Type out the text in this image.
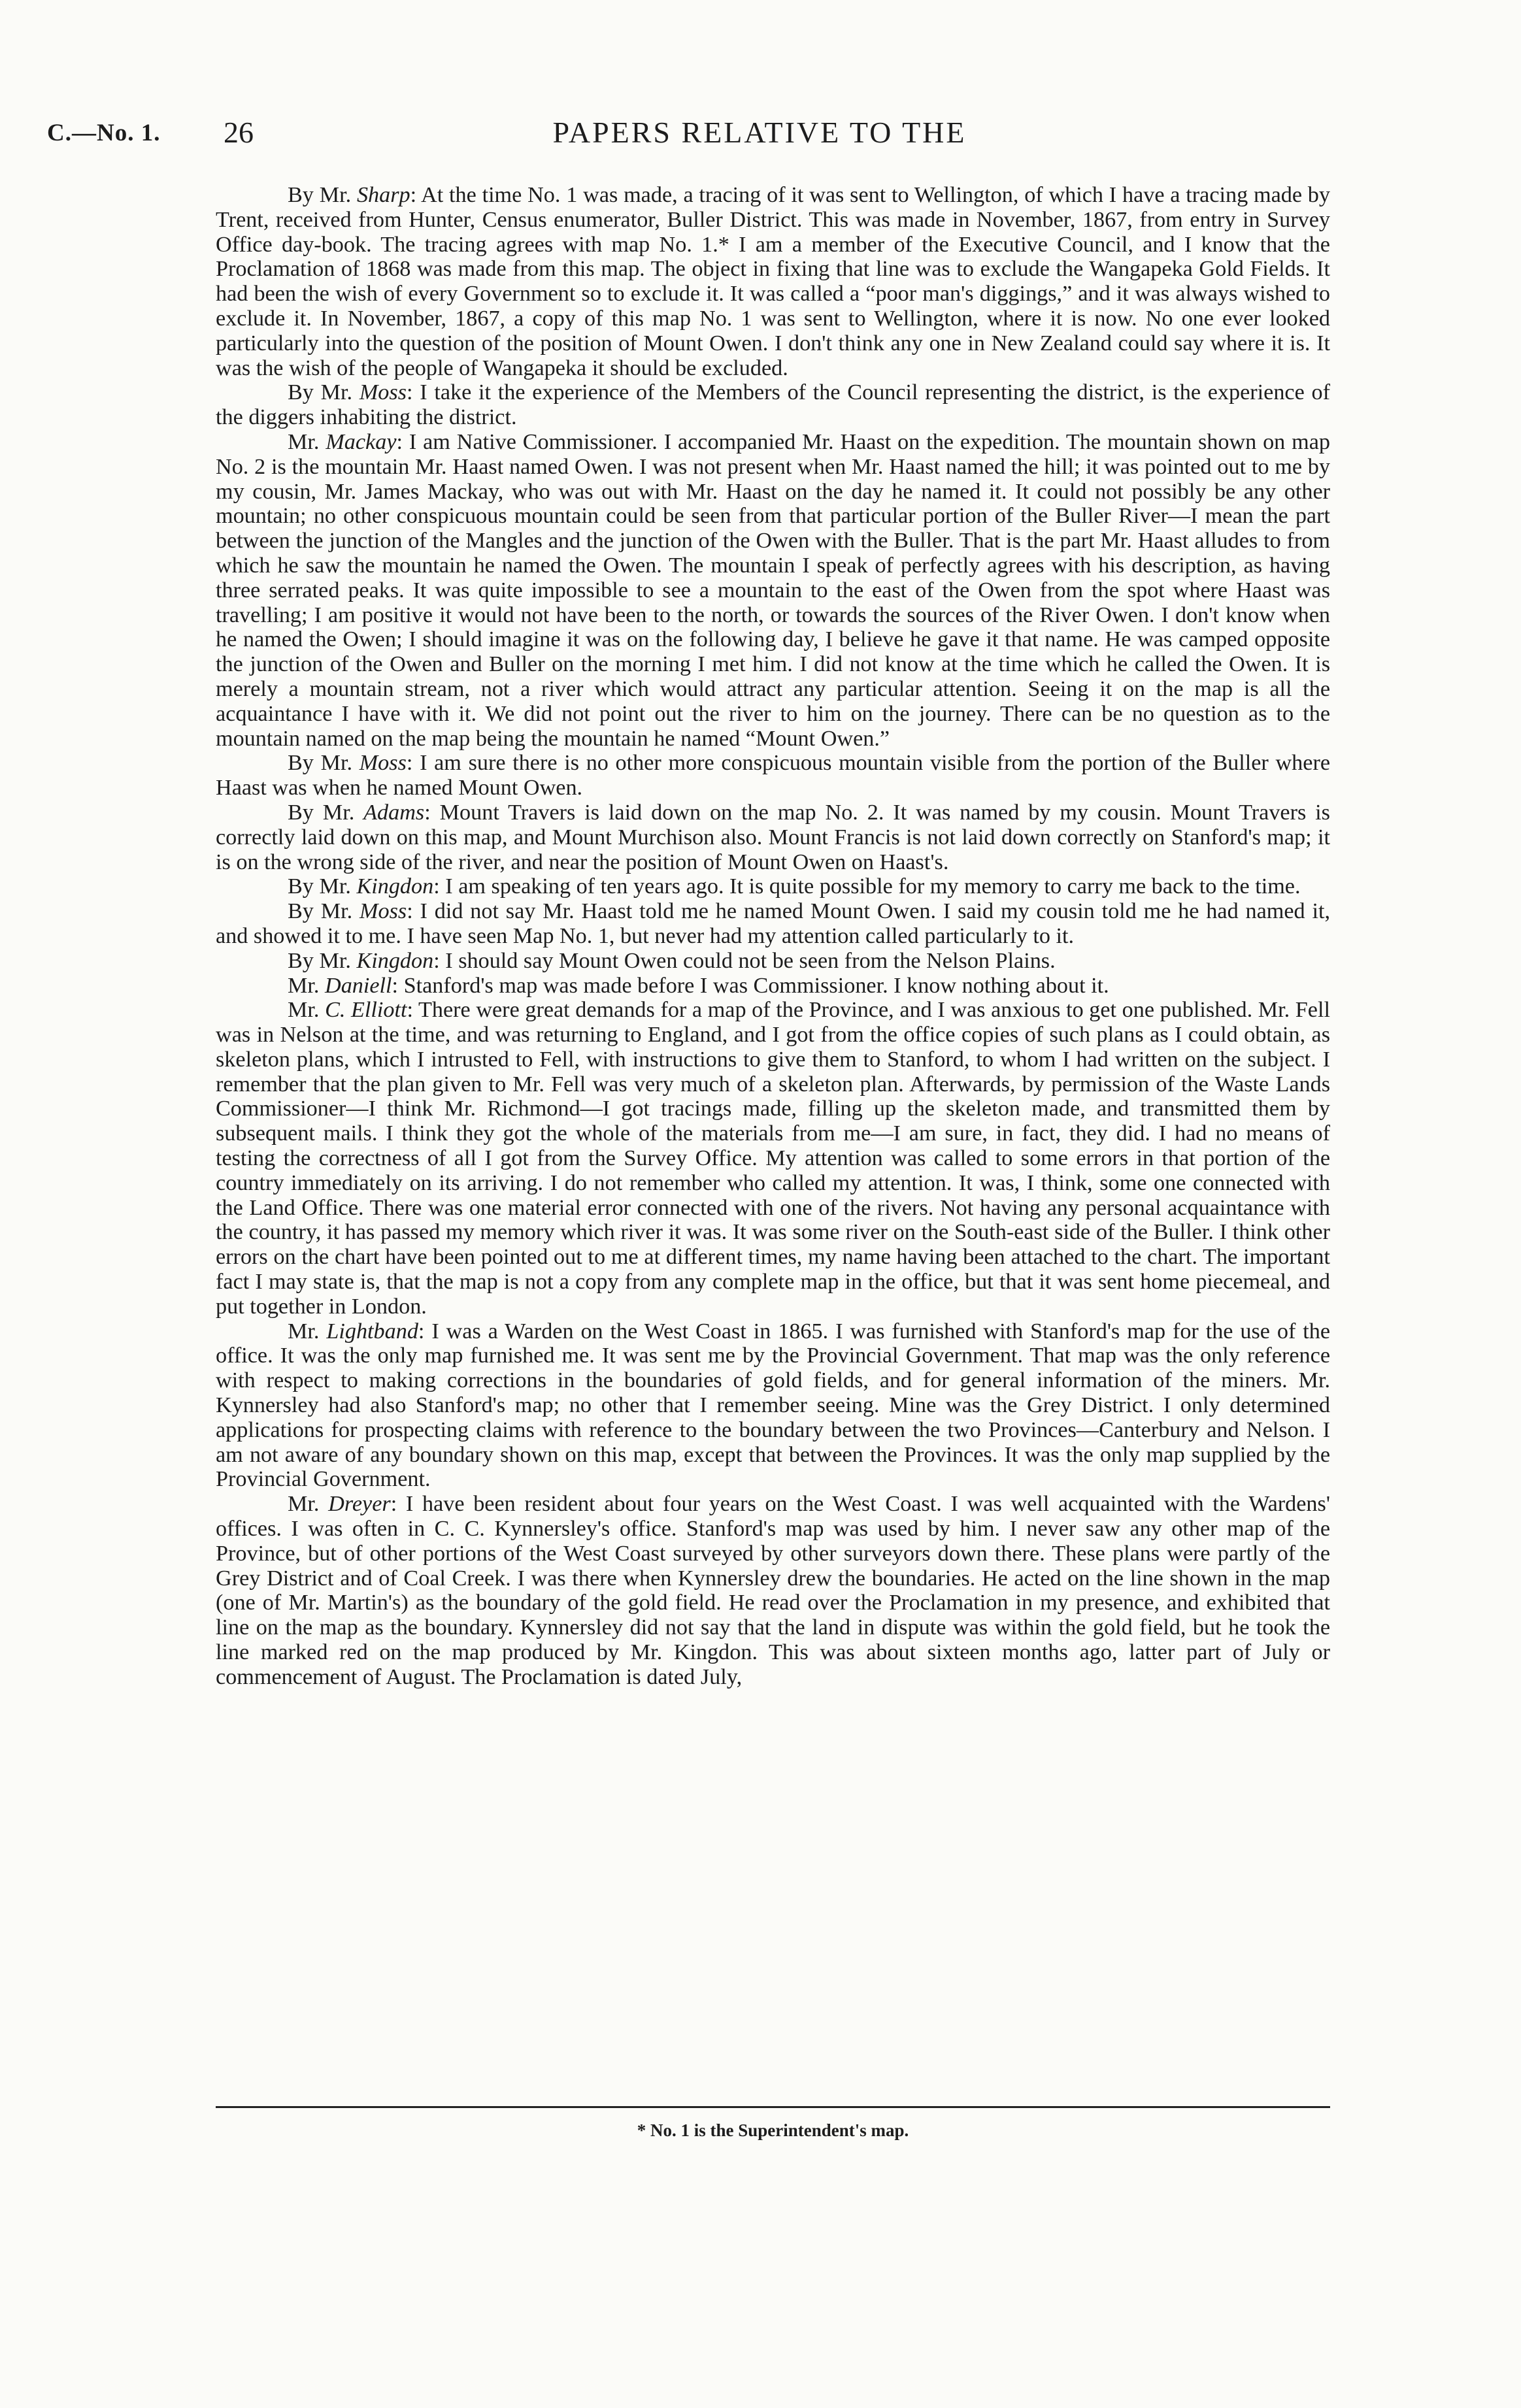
C.—No. 1. 26	PAPERS RELATIVE TO THE

By Mr. Sharp: At the time No. 1 was made, a tracing of it was sent to Wellington, of which I have a tracing made by Trent, received from Hunter, Census enumerator, Buller District. This was made in November, 1867, from entry in Survey Office day-book. The tracing agrees with map No. 1.* I am a member of the Executive Council, and I know that the Proclamation of 1868 was made from this map. The object in fixing that line was to exclude the Wangapeka Gold Fields. It had been the wish of every Government so to exclude it. It was called a “poor man's diggings,” and it was always wished to exclude it. In November, 1867, a copy of this map No. 1 was sent to Wellington, where it is now. No one ever looked particularly into the question of the position of Mount Owen. I don't think any one in New Zealand could say where it is. It was the wish of the people of Wangapeka it should be excluded.

By Mr. Moss: I take it the experience of the Members of the Council representing the district, is the experience of the diggers inhabiting the district.

Mr. Mackay: I am Native Commissioner. I accompanied Mr. Haast on the expedition. The mountain shown on map No. 2 is the mountain Mr. Haast named Owen. I was not present when Mr. Haast named the hill; it was pointed out to me by my cousin, Mr. James Mackay, who was out with Mr. Haast on the day he named it. It could not possibly be any other mountain; no other conspicuous mountain could be seen from that particular portion of the Buller River—I mean the part between the junction of the Mangles and the junction of the Owen with the Buller. That is the part Mr. Haast alludes to from which he saw the mountain he named the Owen. The mountain I speak of perfectly agrees with his description, as having three serrated peaks. It was quite impossible to see a mountain to the east of the Owen from the spot where Haast was travelling; I am positive it would not have been to the north, or towards the sources of the River Owen. I don't know when he named the Owen; I should imagine it was on the following day, I believe he gave it that name. He was camped opposite the junction of the Owen and Buller on the morning I met him. I did not know at the time which he called the Owen. It is merely a mountain stream, not a river which would attract any particular attention. Seeing it on the map is all the acquaintance I have with it. We did not point out the river to him on the journey. There can be no question as to the mountain named on the map being the mountain he named “Mount Owen.”

By Mr. Moss: I am sure there is no other more conspicuous mountain visible from the portion of the Buller where Haast was when he named Mount Owen.

By Mr. Adams: Mount Travers is laid down on the map No. 2. It was named by my cousin. Mount Travers is correctly laid down on this map, and Mount Murchison also. Mount Francis is not laid down correctly on Stanford's map; it is on the wrong side of the river, and near the position of Mount Owen on Haast's.

By Mr. Kingdon: I am speaking of ten years ago. It is quite possible for my memory to carry me back to the time.

By Mr. Moss: I did not say Mr. Haast told me he named Mount Owen. I said my cousin told me he had named it, and showed it to me. I have seen Map No. 1, but never had my attention called particularly to it.

By Mr. Kingdon: I should say Mount Owen could not be seen from the Nelson Plains.

Mr. Daniell: Stanford's map was made before I was Commissioner. I know nothing about it.

Mr. C. Elliott: There were great demands for a map of the Province, and I was anxious to get one published. Mr. Fell was in Nelson at the time, and was returning to England, and I got from the office copies of such plans as I could obtain, as skeleton plans, which I intrusted to Fell, with instructions to give them to Stanford, to whom I had written on the subject. I remember that the plan given to Mr. Fell was very much of a skeleton plan. Afterwards, by permission of the Waste Lands Commissioner—I think Mr. Richmond—I got tracings made, filling up the skeleton made, and transmitted them by subsequent mails. I think they got the whole of the materials from me—I am sure, in fact, they did. I had no means of testing the correctness of all I got from the Survey Office. My attention was called to some errors in that portion of the country immediately on its arriving. I do not remember who called my attention. It was, I think, some one connected with the Land Office. There was one material error connected with one of the rivers. Not having any personal acquaintance with the country, it has passed my memory which river it was. It was some river on the South-east side of the Buller. I think other errors on the chart have been pointed out to me at different times, my name having been attached to the chart. The important fact I may state is, that the map is not a copy from any complete map in the office, but that it was sent home piecemeal, and put together in London.

Mr. Lightband: I was a Warden on the West Coast in 1865. I was furnished with Stanford's map for the use of the office. It was the only map furnished me. It was sent me by the Provincial Government. That map was the only reference with respect to making corrections in the boundaries of gold fields, and for general information of the miners. Mr. Kynnersley had also Stanford's map; no other that I remember seeing. Mine was the Grey District. I only determined applications for prospecting claims with reference to the boundary between the two Provinces—Canterbury and Nelson. I am not aware of any boundary shown on this map, except that between the Provinces. It was the only map supplied by the Provincial Government.

Mr. Dreyer: I have been resident about four years on the West Coast. I was well acquainted with the Wardens' offices. I was often in C. C. Kynnersley's office. Stanford's map was used by him. I never saw any other map of the Province, but of other portions of the West Coast surveyed by other surveyors down there. These plans were partly of the Grey District and of Coal Creek. I was there when Kynnersley drew the boundaries. He acted on the line shown in the map (one of Mr. Martin's) as the boundary of the gold field. He read over the Proclamation in my presence, and exhibited that line on the map as the boundary. Kynnersley did not say that the land in dispute was within the gold field, but he took the line marked red on the map produced by Mr. Kingdon. This was about sixteen months ago, latter part of July or commencement of August. The Proclamation is dated July,

* No. 1 is the Superintendent's map.
